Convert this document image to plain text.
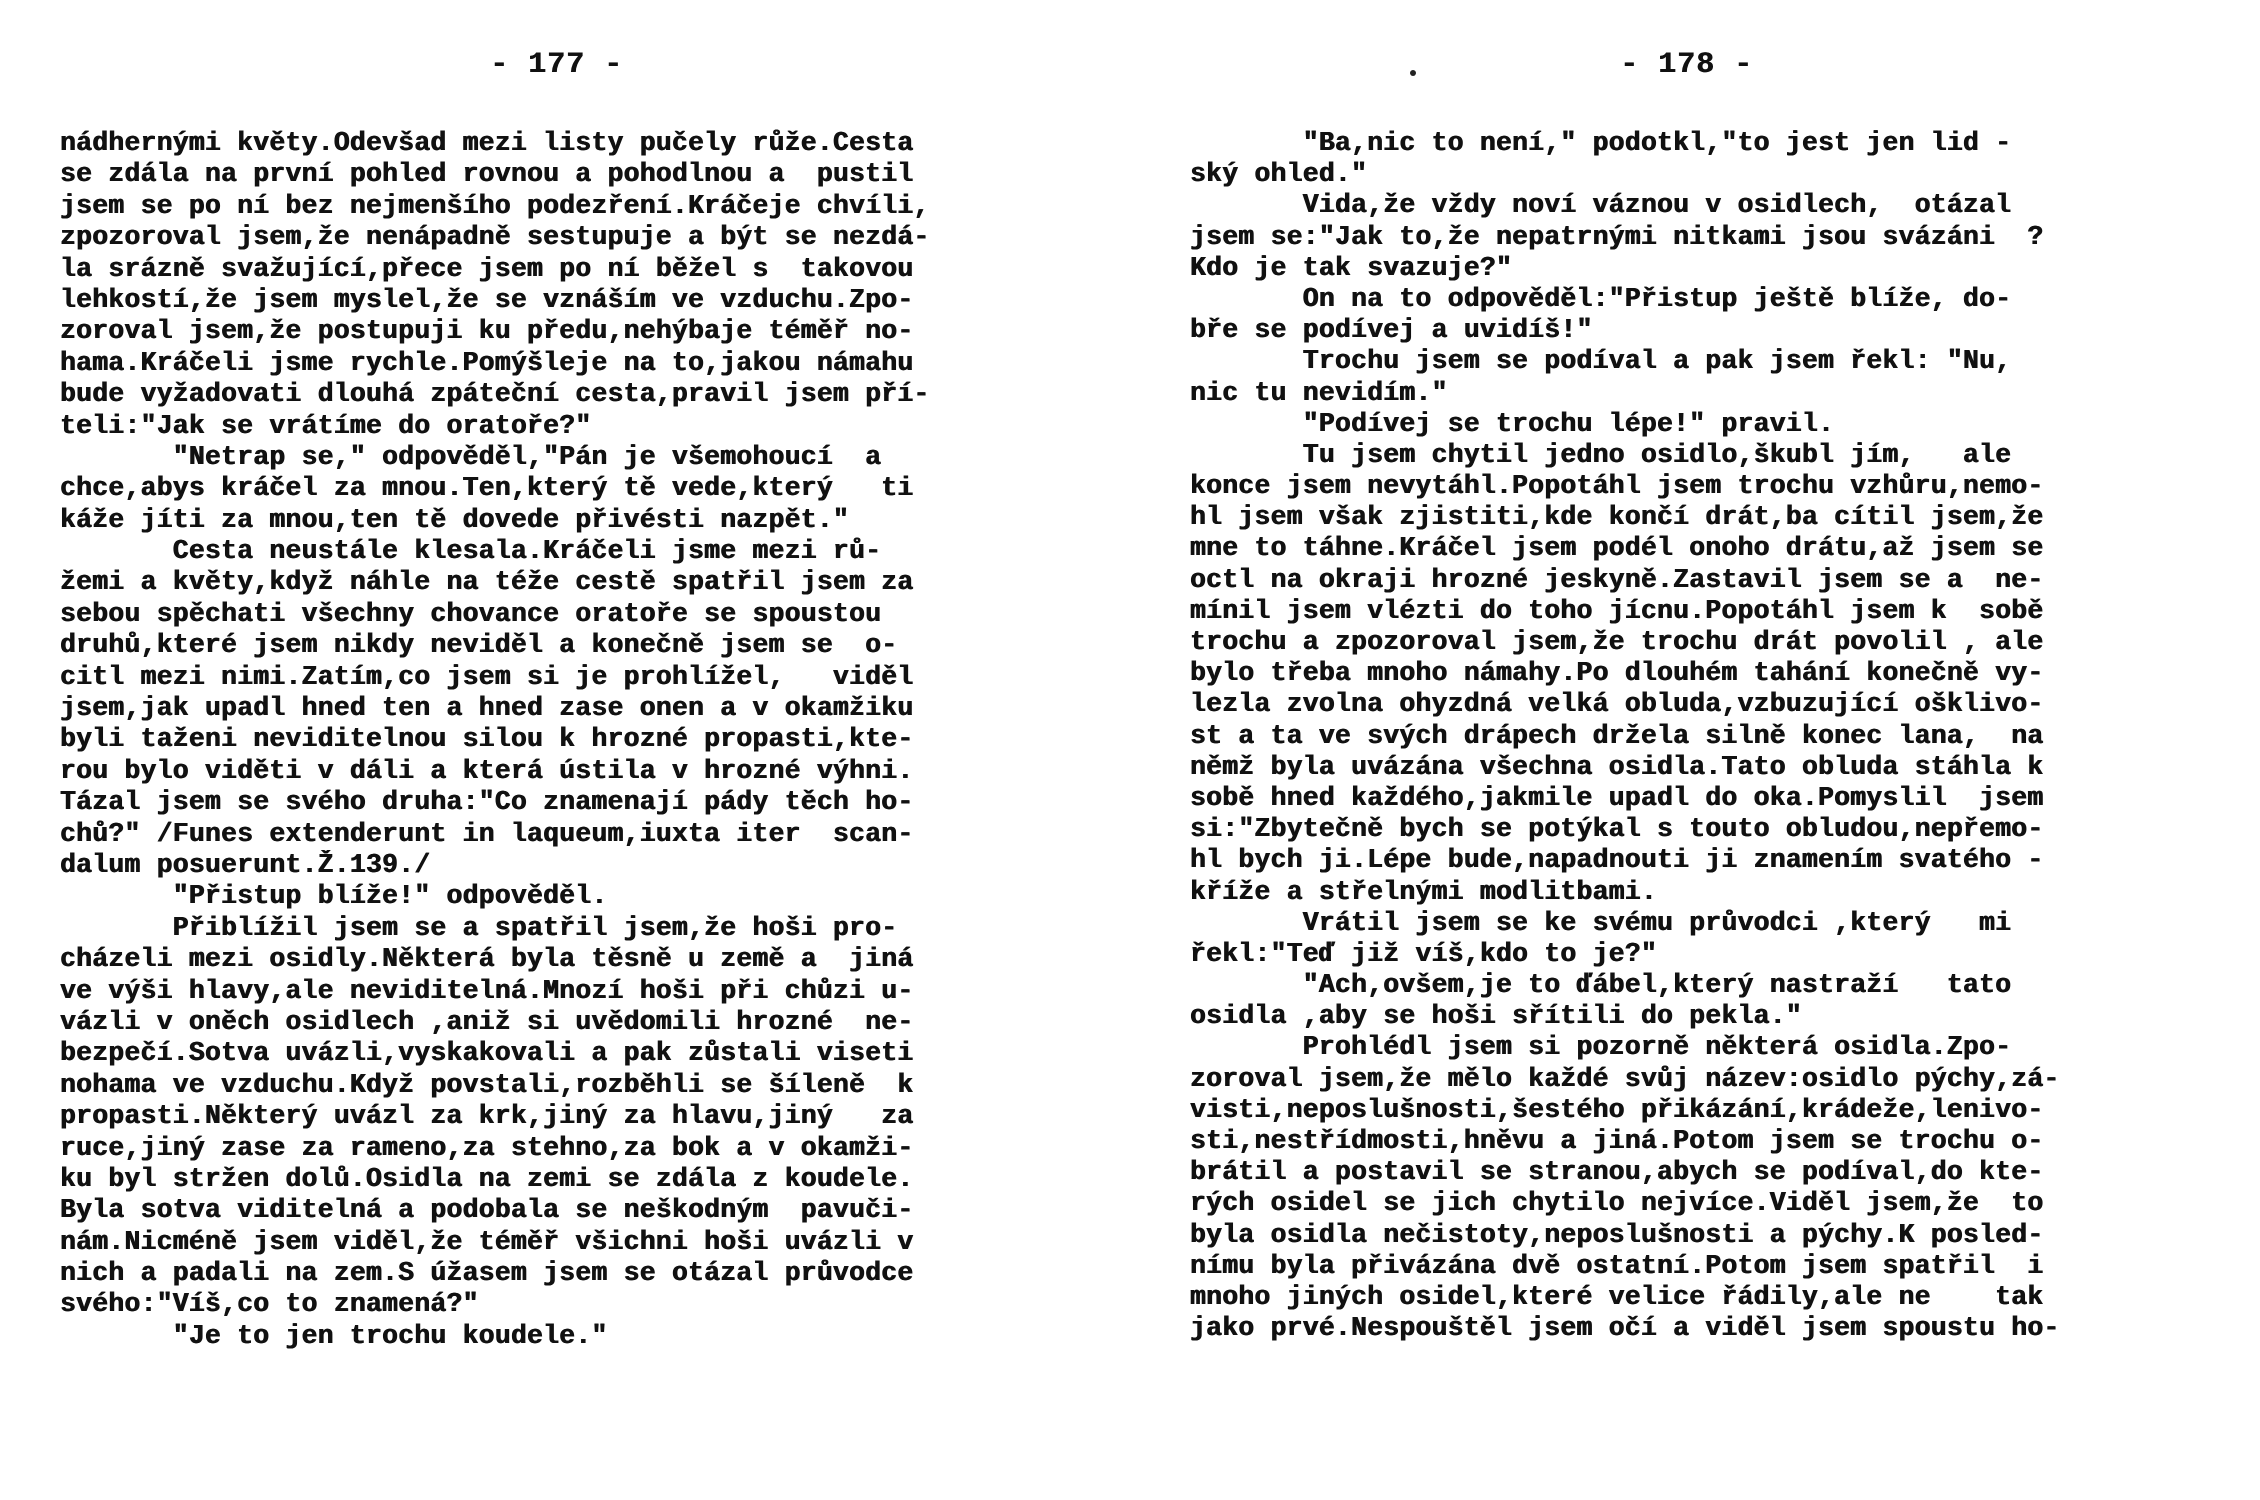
- 177 -
nádhernými květy.Odevšad mezi listy pučely růže.Cesta
se zdála na první pohled rovnou a pohodlnou a  pustil
jsem se po ní bez nejmenšího podezření.Kráčeje chvíli,
zpozoroval jsem,že nenápadně sestupuje a být se nezdá-
la srázně svažující,přece jsem po ní běžel s  takovou
lehkostí,že jsem myslel,že se vznáším ve vzduchu.Zpo-
zoroval jsem,že postupuji ku předu,nehýbaje téměř no-
hama.Kráčeli jsme rychle.Pomýšleje na to,jakou námahu
bude vyžadovati dlouhá zpáteční cesta,pravil jsem pří-
teli:"Jak se vrátíme do oratoře?"
"Netrap se," odpověděl,"Pán je všemohoucí  a
chce,abys kráčel za mnou.Ten,který tě vede,který   ti
káže jíti za mnou,ten tě dovede přivésti nazpět."
Cesta neustále klesala.Kráčeli jsme mezi rů-
žemi a květy,když náhle na téže cestě spatřil jsem za
sebou spěchati všechny chovance oratoře se spoustou
druhů,které jsem nikdy neviděl a konečně jsem se  o-
citl mezi nimi.Zatím,co jsem si je prohlížel,   viděl
jsem,jak upadl hned ten a hned zase onen a v okamžiku
byli taženi neviditelnou silou k hrozné propasti,kte-
rou bylo viděti v dáli a která ústila v hrozné výhni.
Tázal jsem se svého druha:"Co znamenají pády těch ho-
chů?" /Funes extenderunt in laqueum,iuxta iter  scan-
dalum posuerunt.Ž.139./
"Přistup blíže!" odpověděl.
Přiblížil jsem se a spatřil jsem,že hoši pro-
cházeli mezi osidly.Některá byla těsně u země a  jiná
ve výši hlavy,ale neviditelná.Mnozí hoši při chůzi u-
vázli v oněch osidlech ,aniž si uvědomili hrozné  ne-
bezpečí.Sotva uvázli,vyskakovali a pak zůstali viseti
nohama ve vzduchu.Když povstali,rozběhli se šíleně  k
propasti.Některý uvázl za krk,jiný za hlavu,jiný   za
ruce,jiný zase za rameno,za stehno,za bok a v okamži-
ku byl stržen dolů.Osidla na zemi se zdála z koudele.
Byla sotva viditelná a podobala se neškodným  pavuči-
nám.Nicméně jsem viděl,že téměř všichni hoši uvázli v
nich a padali na zem.S úžasem jsem se otázal průvodce
svého:"Víš,co to znamená?"
"Je to jen trochu koudele."
- 178 -
"Ba,nic to není," podotkl,"to jest jen lid -
ský ohled."
Vida,že vždy noví váznou v osidlech,  otázal
jsem se:"Jak to,že nepatrnými nitkami jsou svázáni  ?
Kdo je tak svazuje?"
On na to odpověděl:"Přistup ještě blíže, do-
bře se podívej a uvidíš!"
Trochu jsem se podíval a pak jsem řekl: "Nu,
nic tu nevidím."
"Podívej se trochu lépe!" pravil.
Tu jsem chytil jedno osidlo,škubl jím,   ale
konce jsem nevytáhl.Popotáhl jsem trochu vzhůru,nemo-
hl jsem však zjistiti,kde končí drát,ba cítil jsem,že
mne to táhne.Kráčel jsem podél onoho drátu,až jsem se
octl na okraji hrozné jeskyně.Zastavil jsem se a  ne-
mínil jsem vlézti do toho jícnu.Popotáhl jsem k  sobě
trochu a zpozoroval jsem,že trochu drát povolil , ale
bylo třeba mnoho námahy.Po dlouhém tahání konečně vy-
lezla zvolna ohyzdná velká obluda,vzbuzující ošklivo-
st a ta ve svých drápech držela silně konec lana,  na
němž byla uvázána všechna osidla.Tato obluda stáhla k
sobě hned každého,jakmile upadl do oka.Pomyslil  jsem
si:"Zbytečně bych se potýkal s touto obludou,nepřemo-
hl bych ji.Lépe bude,napadnouti ji znamením svatého -
kříže a střelnými modlitbami.
Vrátil jsem se ke svému průvodci ,který   mi
řekl:"Teď již víš,kdo to je?"
"Ach,ovšem,je to ďábel,který nastraží   tato
osidla ,aby se hoši sřítili do pekla."
Prohlédl jsem si pozorně některá osidla.Zpo-
zoroval jsem,že mělo každé svůj název:osidlo pýchy,zá-
visti,neposlušnosti,šestého přikázání,krádeže,lenivo-
sti,nestřídmosti,hněvu a jiná.Potom jsem se trochu o-
brátil a postavil se stranou,abych se podíval,do kte-
rých osidel se jich chytilo nejvíce.Viděl jsem,že  to
byla osidla nečistoty,neposlušnosti a pýchy.K posled-
nímu byla přivázána dvě ostatní.Potom jsem spatřil  i
mnoho jiných osidel,které velice řádily,ale ne    tak
jako prvé.Nespouštěl jsem očí a viděl jsem spoustu ho-
